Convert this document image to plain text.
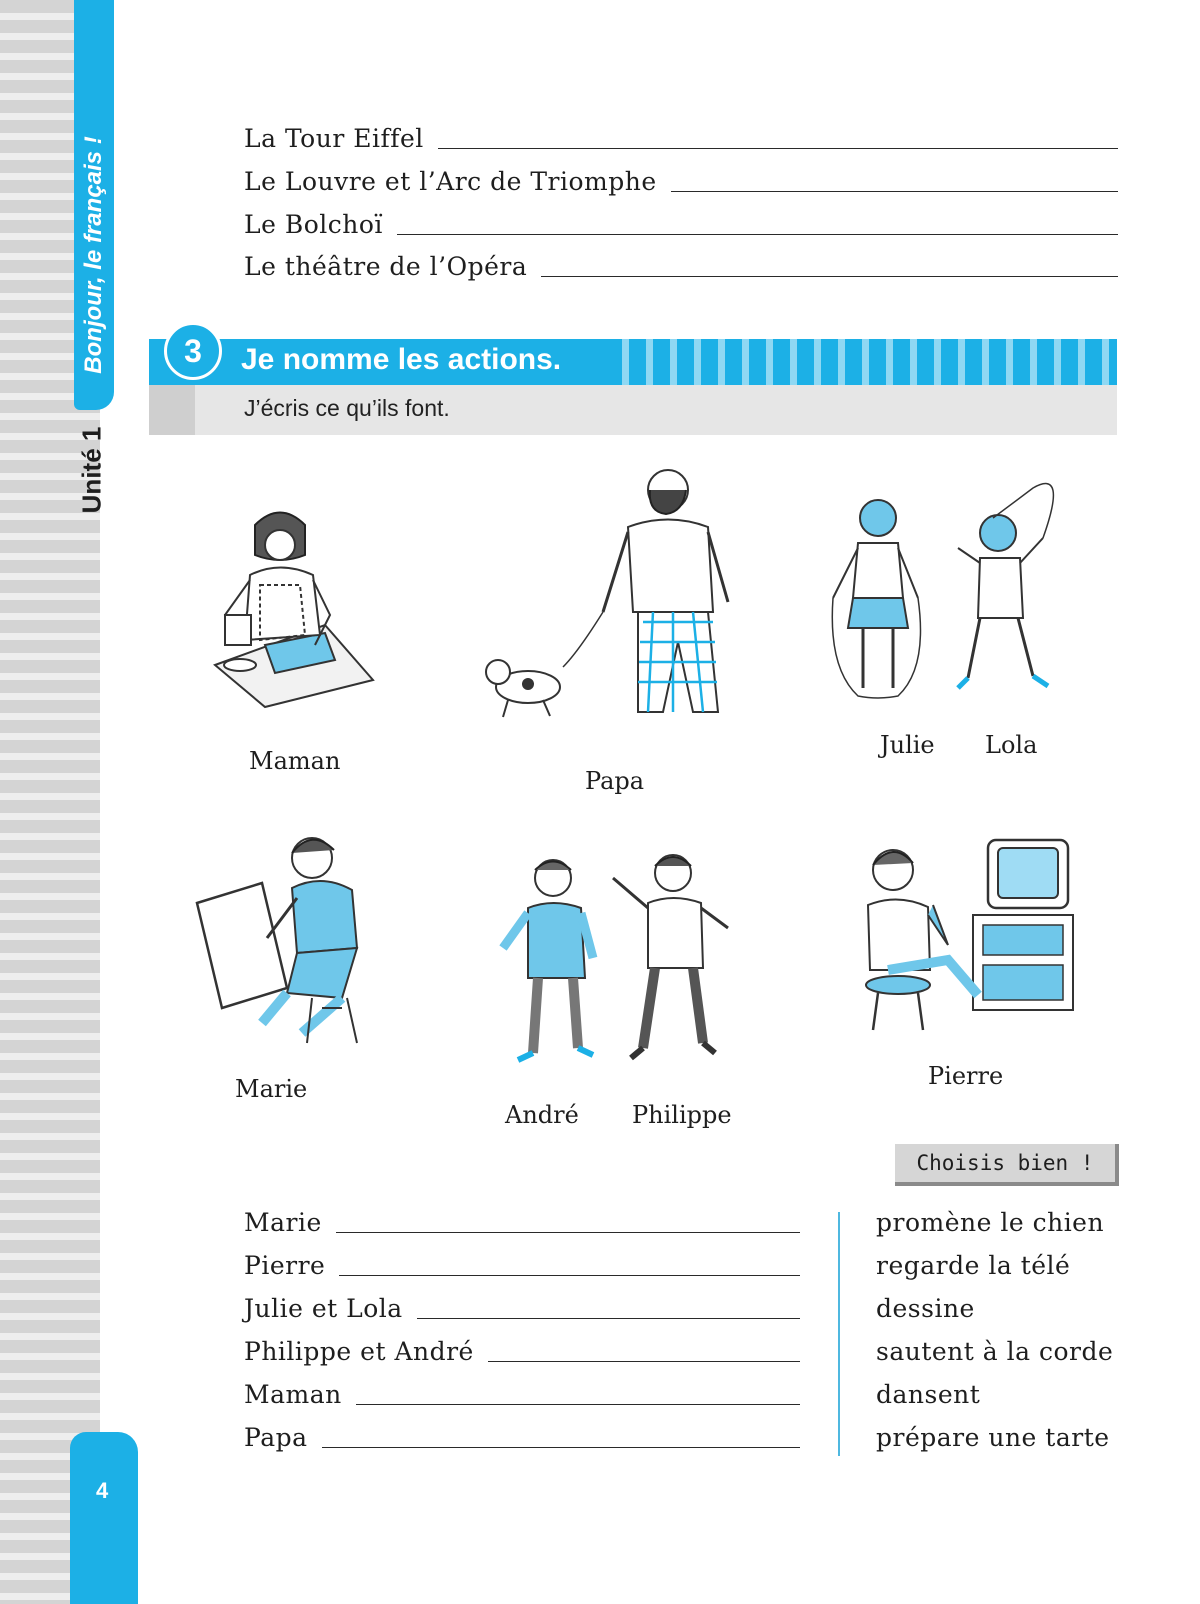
Bonjour, le français !
Unité 1
4
La Tour Eiffel
Le Louvre et l’Arc de Triomphe
Le Bolchoï
Le théâtre de l’Opéra
Je nomme les actions.
3
J’écris ce qu’ils font.
Maman
Papa
Julie Lola
Marie
André Philippe
Pierre
Choisis bien !
Marie
Pierre
Julie et Lola
Philippe et André
Maman
Papa
promène le chien
regarde la télé
dessine
sautent à la corde
dansent
prépare une tarte
